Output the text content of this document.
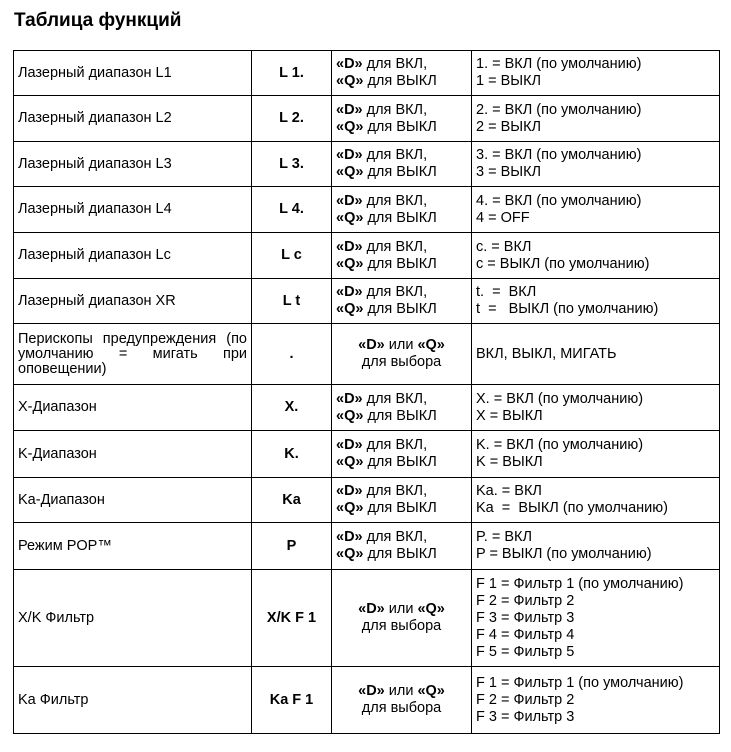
Таблица функций
Лазерный диапазон L1	L 1.	«D» для ВКЛ,
«Q» для ВЫКЛ	1. = ВКЛ (по умолчанию)
1 = ВЫКЛ

Лазерный диапазон L2	L 2.	«D» для ВКЛ,
«Q» для ВЫКЛ	2. = ВКЛ (по умолчанию)
2 = ВЫКЛ

Лазерный диапазон L3	L 3.	«D» для ВКЛ,
«Q» для ВЫКЛ	3. = ВКЛ (по умолчанию)
3 = ВЫКЛ

Лазерный диапазон L4	L 4.	«D» для ВКЛ,
«Q» для ВЫКЛ	4. = ВКЛ (по умолчанию)
4 = OFF

Лазерный диапазон Lc	L c	«D» для ВКЛ,
«Q» для ВЫКЛ	c. = ВКЛ
c = ВЫКЛ (по умолчанию)

Лазерный диапазон XR	L t	«D» для ВКЛ,
«Q» для ВЫКЛ	t.  =  ВКЛ
t  =   ВЫКЛ (по умолчанию)

Перископы предупреждения (по умолчанию = мигать при оповещении)	.	«D» или «Q»
для выбора	ВКЛ, ВЫКЛ, МИГАТЬ

X-Диапазон	X.	«D» для ВКЛ,
«Q» для ВЫКЛ	X. = ВКЛ (по умолчанию)
X = ВЫКЛ

K-Диапазон	K.	«D» для ВКЛ,
«Q» для ВЫКЛ	K. = ВКЛ (по умолчанию)
K = ВЫКЛ

Ka-Диапазон	Ka	«D» для ВКЛ,
«Q» для ВЫКЛ	Ka. = ВКЛ
Ka  =  ВЫКЛ (по умолчанию)

Режим POP™	P	«D» для ВКЛ,
«Q» для ВЫКЛ	P. = ВКЛ
P = ВЫКЛ (по умолчанию)

X/K Фильтр	X/K F 1	«D» или «Q»
для выбора	F 1 = Фильтр 1 (по умолчанию)
F 2 = Фильтр 2
F 3 = Фильтр 3
F 4 = Фильтр 4
F 5 = Фильтр 5

Ka Фильтр	Ka F 1	«D» или «Q»
для выбора	F 1 = Фильтр 1 (по умолчанию)
F 2 = Фильтр 2
F 3 = Фильтр 3
